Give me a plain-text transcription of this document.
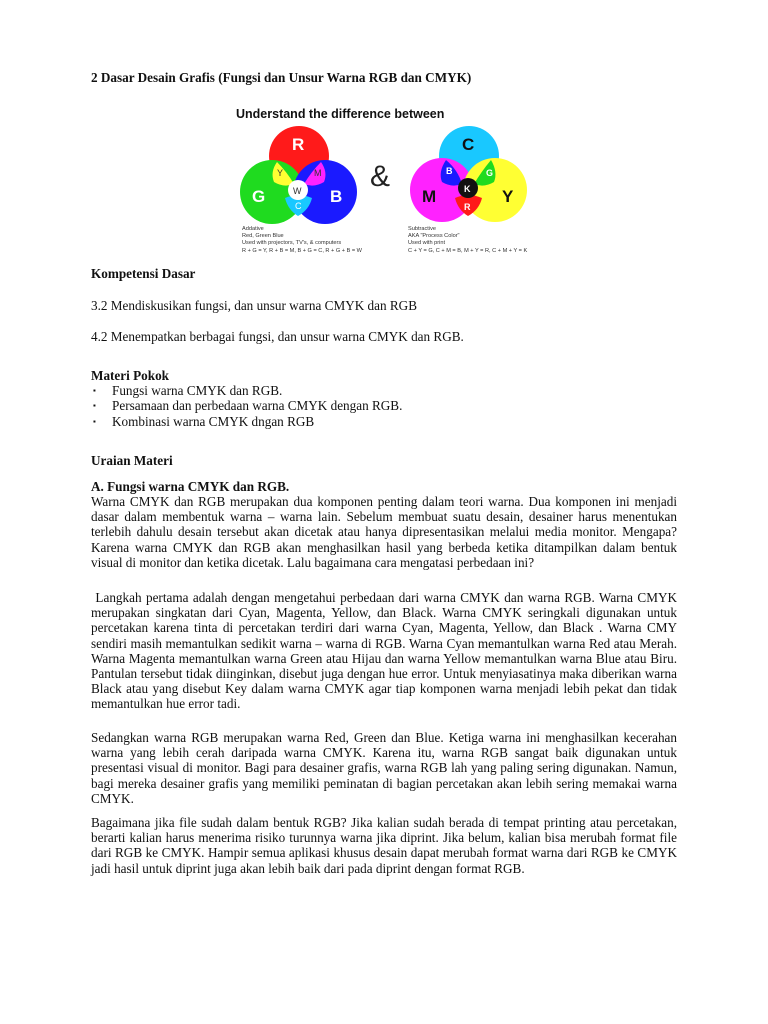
2 Dasar Desain Grafis (Fungsi dan Unsur Warna RGB dan CMYK)
Understand the difference between
R
G	B
Y	M
C
W &
C
M	Y
B	G
R
K
Addative
Red, Green Blue
Used with projectors, TV's, & computers
R + G = Y, R + B = M, B + G = C, R + G + B = W
Subtractive
AKA "Process Color"
Used with print
C + Y = G, C + M = B, M + Y = R, C + M + Y = K
Kompetensi Dasar
3.2 Mendiskusikan fungsi, dan unsur warna CMYK dan RGB
4.2 Menempatkan berbagai fungsi, dan unsur warna CMYK dan RGB.
Materi Pokok
▪ Fungsi warna CMYK dan RGB.
▪ Persamaan dan perbedaan warna CMYK dengan RGB.
▪ Kombinasi warna CMYK dngan RGB
Uraian Materi
A. Fungsi warna CMYK dan RGB.
Warna CMYK dan RGB merupakan dua komponen penting dalam teori warna. Dua komponen ini menjadi dasar dalam membentuk warna – warna lain. Sebelum membuat suatu desain, desainer harus menentukan terlebih dahulu desain tersebut akan dicetak atau hanya dipresentasikan melalui media monitor. Mengapa? Karena warna CMYK dan RGB akan menghasilkan hasil yang berbeda ketika ditampilkan dalam bentuk visual di monitor dan ketika dicetak. Lalu bagaimana cara mengatasi perbedaan ini?
Langkah pertama adalah dengan mengetahui perbedaan dari warna CMYK dan warna RGB. Warna CMYK merupakan singkatan dari Cyan, Magenta, Yellow, dan Black. Warna CMYK seringkali digunakan untuk percetakan karena tinta di percetakan terdiri dari warna Cyan, Magenta, Yellow, dan Black . Warna CMY sendiri masih memantulkan sedikit warna – warna di RGB. Warna Cyan memantulkan warna Red atau Merah. Warna Magenta memantulkan warna Green atau Hijau dan warna Yellow memantulkan warna Blue atau Biru. Pantulan tersebut tidak diinginkan, disebut juga dengan hue error. Untuk menyiasatinya maka diberikan warna Black atau yang disebut Key dalam warna CMYK agar tiap komponen warna menjadi lebih pekat dan tidak memantulkan hue error tadi.
Sedangkan warna RGB merupakan warna Red, Green dan Blue. Ketiga warna ini menghasilkan kecerahan warna yang lebih cerah daripada warna CMYK. Karena itu, warna RGB sangat baik digunakan untuk presentasi visual di monitor. Bagi para desainer grafis, warna RGB lah yang paling sering digunakan. Namun, bagi mereka desainer grafis yang memiliki peminatan di bagian percetakan akan lebih sering memakai warna CMYK.
Bagaimana jika file sudah dalam bentuk RGB? Jika kalian sudah berada di tempat printing atau percetakan, berarti kalian harus menerima risiko turunnya warna jika diprint. Jika belum, kalian bisa merubah format file dari RGB ke CMYK. Hampir semua aplikasi khusus desain dapat merubah format warna dari RGB ke CMYK jadi hasil untuk diprint juga akan lebih baik dari pada diprint dengan format RGB.
